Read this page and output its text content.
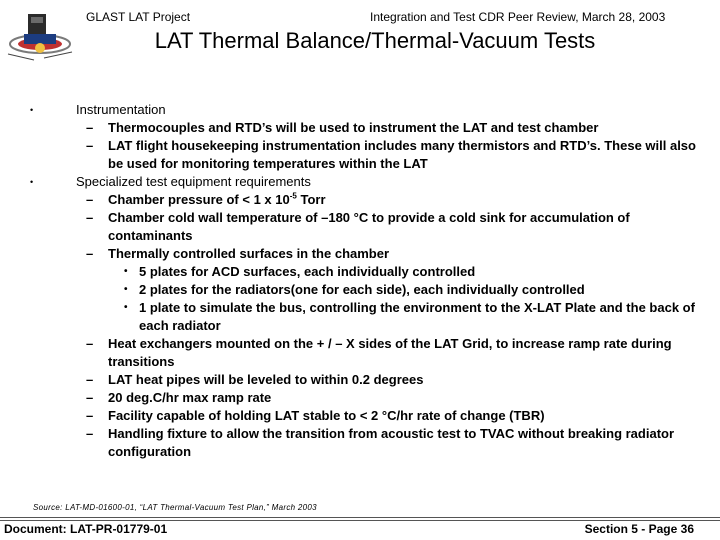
GLAST LAT Project	Integration and Test CDR Peer Review, March 28, 2003
LAT Thermal Balance/Thermal-Vacuum Tests
•	Instrumentation
– Thermocouples and RTD’s will be used to instrument the LAT and test chamber
– LAT flight housekeeping instrumentation includes many thermistors and RTD’s. These will also be used for monitoring temperatures within the LAT
•	Specialized test equipment requirements
– Chamber pressure of < 1 x $10^{-5}$ Torr
– Chamber cold wall temperature of –180 °C to provide a cold sink for accumulation of contaminants
– Thermally controlled surfaces in the chamber
• 5 plates for ACD surfaces, each individually controlled
• 2 plates for the radiators(one for each side), each individually controlled
• 1 plate to simulate the bus, controlling the environment to the X-LAT Plate and the back of each radiator
– Heat exchangers mounted on the + / – X sides of the LAT Grid, to increase ramp rate during transitions
– LAT heat pipes will be leveled to within 0.2 degrees
– 20 deg.C/hr max ramp rate
– Facility capable of holding LAT stable to < 2 °C/hr rate of change (TBR)
– Handling fixture to allow the transition from acoustic test to TVAC without breaking radiator configuration
Source: LAT-MD-01600-01, “LAT Thermal-Vacuum Test Plan,” March 2003
Document: LAT-PR-01779-01	Section 5 - Page 36
